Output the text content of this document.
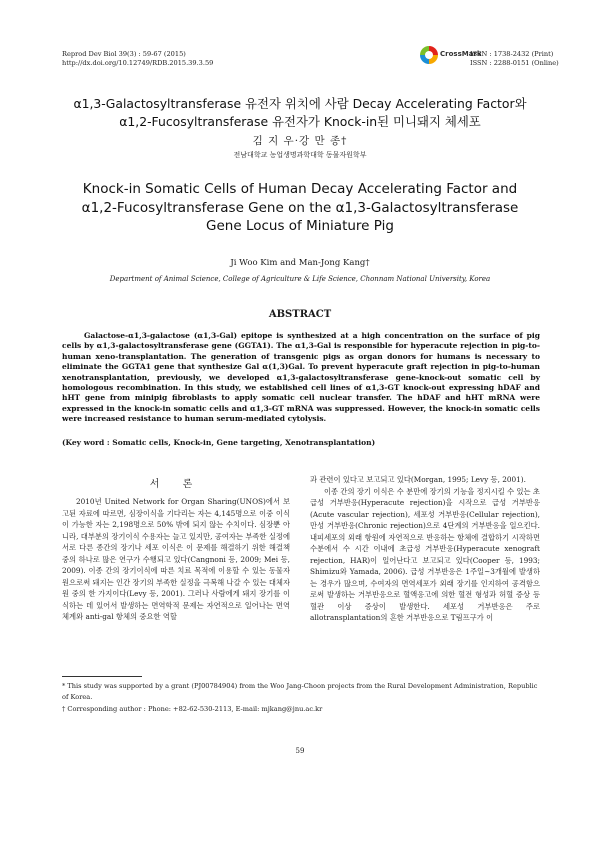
Reprod Dev Biol 39(3) : 59-67 (2015)
http://dx.doi.org/10.12749/RDB.2015.39.3.59
CrossMark
ISSN : 1738-2432 (Print)
ISSN : 2288-0151 (Online)
α1,3-Galactosyltransferase 유전자 위치에 사람 Decay Accelerating Factor와
α1,2-Fucosyltransferase 유전자가 Knock-in된 미니돼지 체세포
김 지 우·강 만 종†
전남대학교 농업생명과학대학 동물자원학부
Knock-in Somatic Cells of Human Decay Accelerating Factor and
α1,2-Fucosyltransferase Gene on the α1,3-Galactosyltransferase
Gene Locus of Miniature Pig
Ji Woo Kim and Man-Jong Kang†
Department of Animal Science, College of Agriculture & Life Science, Chonnam National University, Korea
ABSTRACT
Galactose-α1,3-galactose (α1,3-Gal) epitope is synthesized at a high concentration on the surface of pig cells by α1,3-galactosyltransferase gene (GGTA1). The α1,3-Gal is responsible for hyperacute rejection in pig-to-human xeno-transplantation. The generation of transgenic pigs as organ donors for humans is necessary to eliminate the GGTA1 gene that synthesize Gal α(1,3)Gal. To prevent hyperacute graft rejection in pig-to-human xenotransplantation, previously, we developed α1,3-galactosyltransferase gene-knock-out somatic cell by homologous recombination. In this study, we established cell lines of α1,3-GT knock-out expressing hDAF and hHT gene from minipig fibroblasts to apply somatic cell nuclear transfer. The hDAF and hHT mRNA were expressed in the knock-in somatic cells and α1,3-GT mRNA was suppressed. However, the knock-in somatic cells were increased resistance to human serum-mediated cytolysis.
(Key word : Somatic cells, Knock-in, Gene targeting, Xenotransplantation)
서 론

2010년 United Network for Organ Sharing(UNOS)에서 보고된 자료에 따르면, 심장이식을 기다리는 자는 4,145명으로 이중 이식이 가능한 자는 2,198명으로 50% 밖에 되지 않는 수치이다. 심장뿐 아니라, 대부분의 장기이식 수용자는 늘고 있지만, 공여자는 부족한 실정에 서로 다른 종간의 장기나 세포 이식은 이 문제를 해결하기 위한 해결책 중의 하나로 많은 연구가 수행되고 있다(Cangnoni 등, 2009; Mei 등, 2009). 이종 간의 장기이식에 따른 치료 목적에 이용할 수 있는 동물자원으로써 돼지는 인간 장기의 부족한 실정을 극복해 나갈 수 있는 대체자원 중의 한 가지이다(Levy 등, 2001). 그러나 사람에게 돼지 장기를 이식하는 데 있어서 발생하는 면역학적 문제는 자연적으로 일어나는 면역체계와 anti-gal 항체의 중요한 역할

과 관련이 있다고 보고되고 있다(Morgan, 1995; Levy 등, 2001).

이종 간의 장기 이식은 수 분만에 장기의 기능을 정지시킬 수 있는 초급성 거부반응(Hyperacute rejection)을 시작으로 급성 거부반응(Acute vascular rejection), 세포성 거부반응(Cellular rejection), 만성 거부반응(Chronic rejection)으로 4단계의 거부반응을 일으킨다. 내피세포의 외래 항원에 자연적으로 반응하는 항체에 결합하기 시작하면 수분에서 수 시간 이내에 초급성 거부반응(Hyperacute xenograft rejection, HAR)이 일어난다고 보고되고 있다(Cooper 등, 1993; Shimizu와 Yamada, 2006). 급성 거부반응은 1주일~3개월에 발생하는 경우가 많으며, 수여자의 면역세포가 외래 장기를 인지하여 공격함으로써 발생하는 거부반응으로 혈액응고에 의한 혈전 형성과 허혈 증상 등 혈관 이상 증상이 발생한다. 세포성 거부반응은 주로 allotransplantation의 흔한 거부반응으로 T림프구가 이

* This study was supported by a grant (PJ00784904) from the Woo Jang-Choon projects from the Rural Development Administration, Republic of Korea.
† Corresponding author : Phone: +82-62-530-2113, E-mail: mjkang@jnu.ac.kr
59
